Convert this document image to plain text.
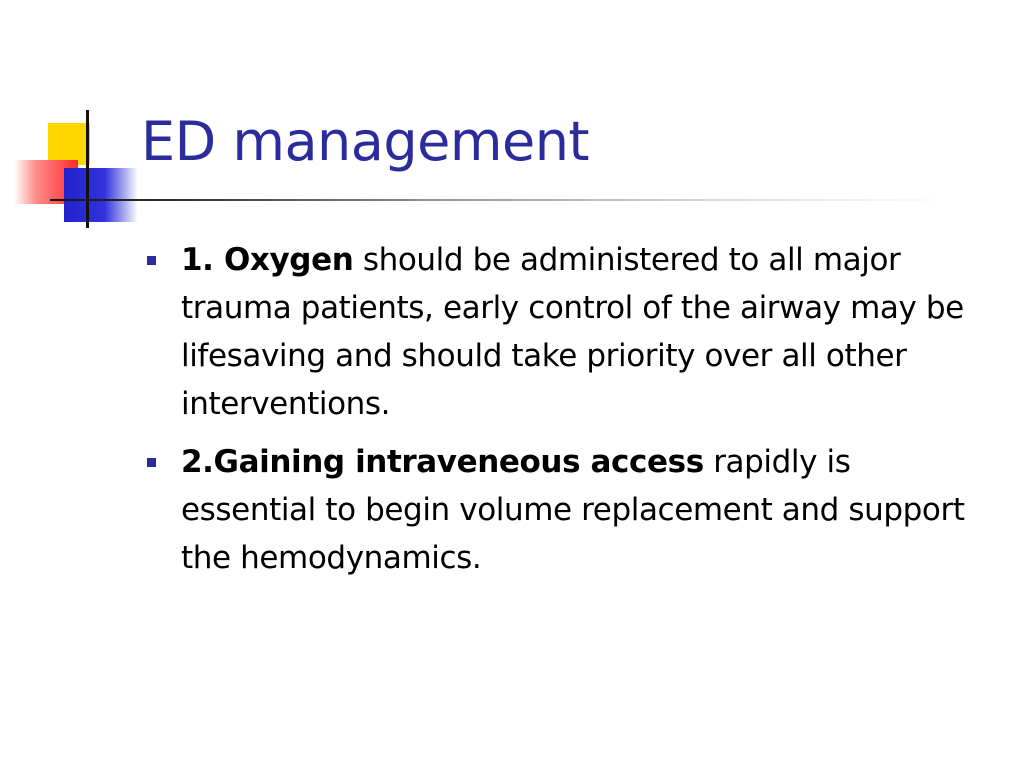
ED management
1. Oxygen should be administered to all major trauma patients, early control of the airway may be lifesaving and should take priority over all other interventions.
2.Gaining intraveneous access rapidly is essential to begin volume replacement and support the hemodynamics.
